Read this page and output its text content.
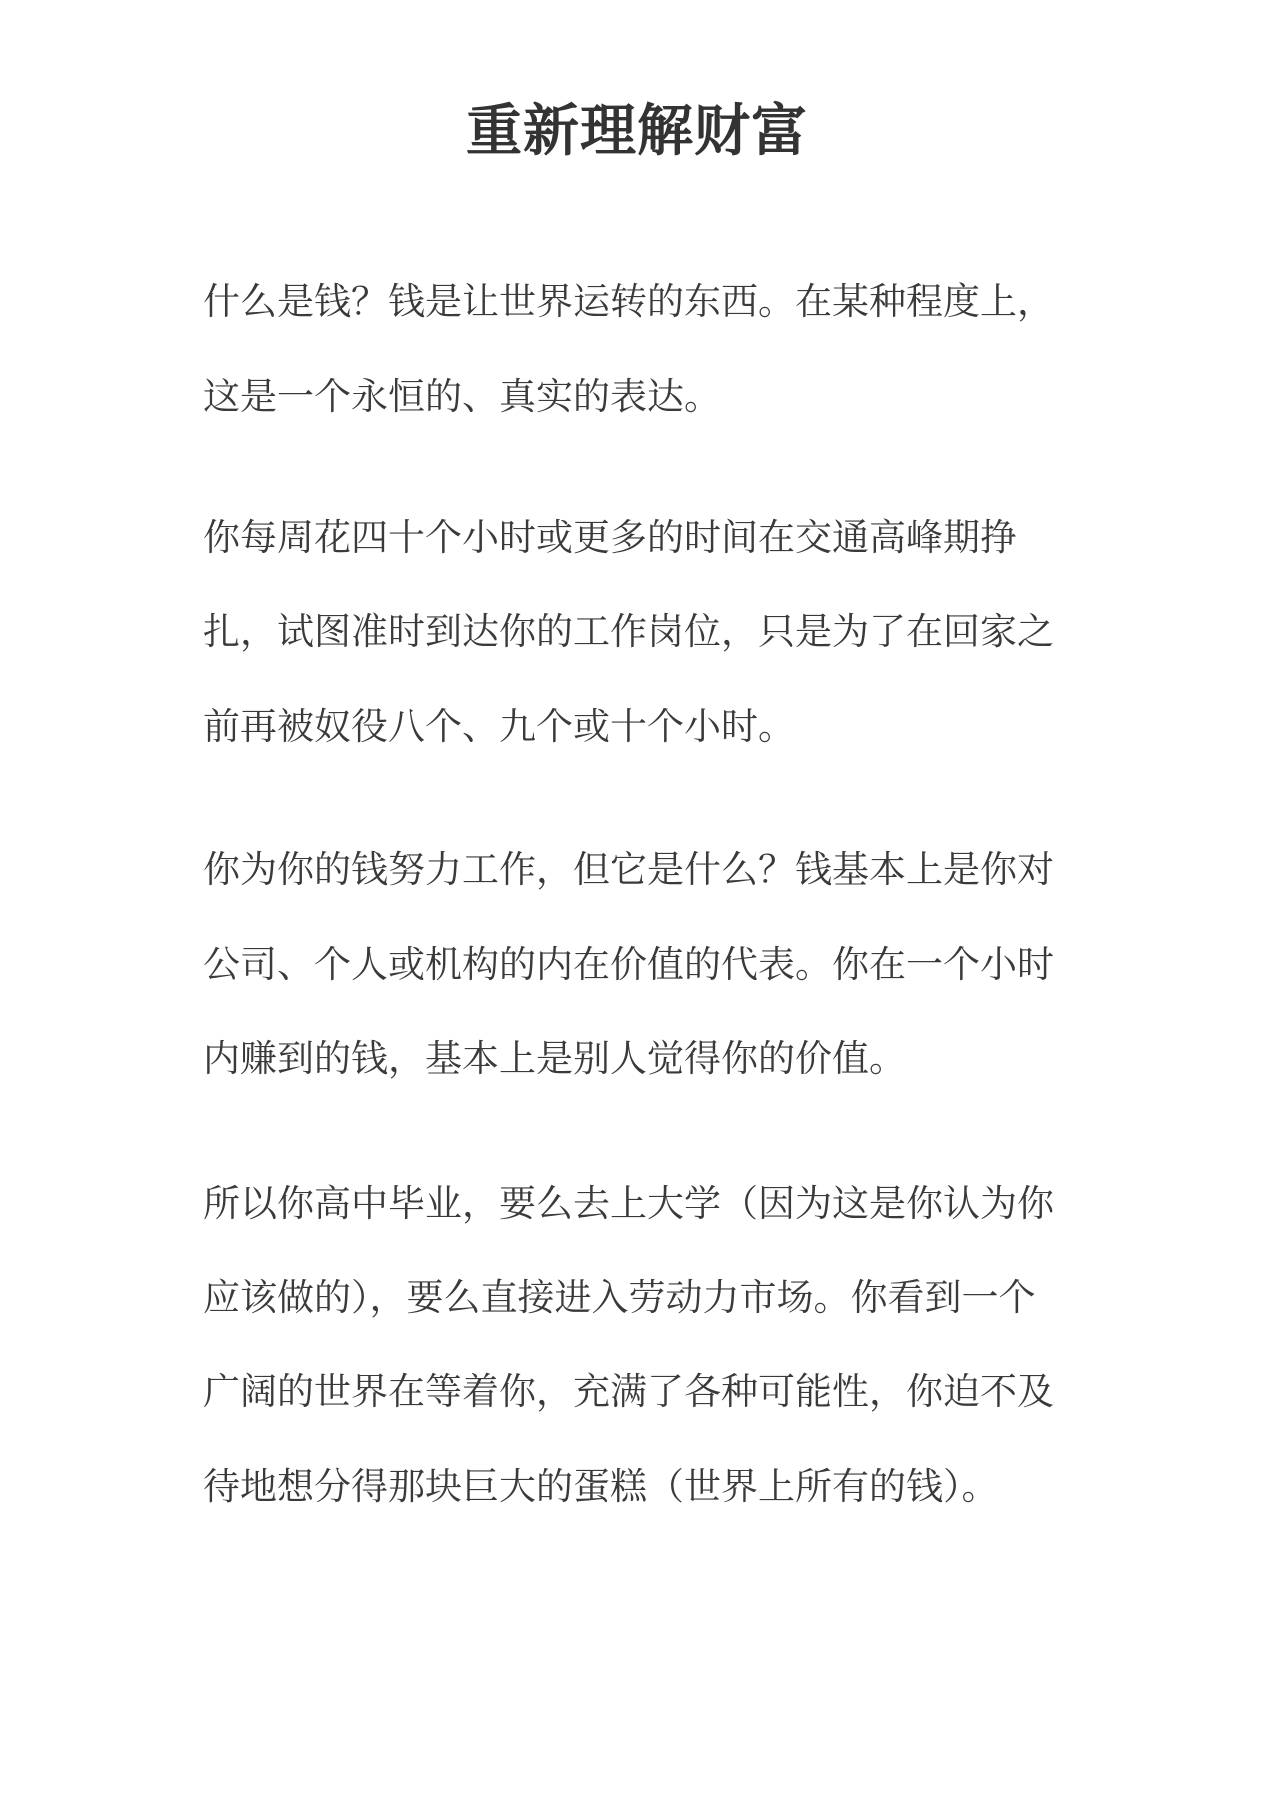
重新理解财富
什么是钱？钱是让世界运转的东西。在某种程度上，
这是一个永恒的、真实的表达。
你每周花四十个小时或更多的时间在交通高峰期挣
扎，试图准时到达你的工作岗位，只是为了在回家之
前再被奴役八个、九个或十个小时。
你为你的钱努力工作，但它是什么？钱基本上是你对
公司、个人或机构的内在价值的代表。你在一个小时
内赚到的钱，基本上是别人觉得你的价值。
所以你高中毕业，要么去上大学（因为这是你认为你
应该做的），要么直接进入劳动力市场。你看到一个
广阔的世界在等着你，充满了各种可能性，你迫不及
待地想分得那块巨大的蛋糕（世界上所有的钱）。
